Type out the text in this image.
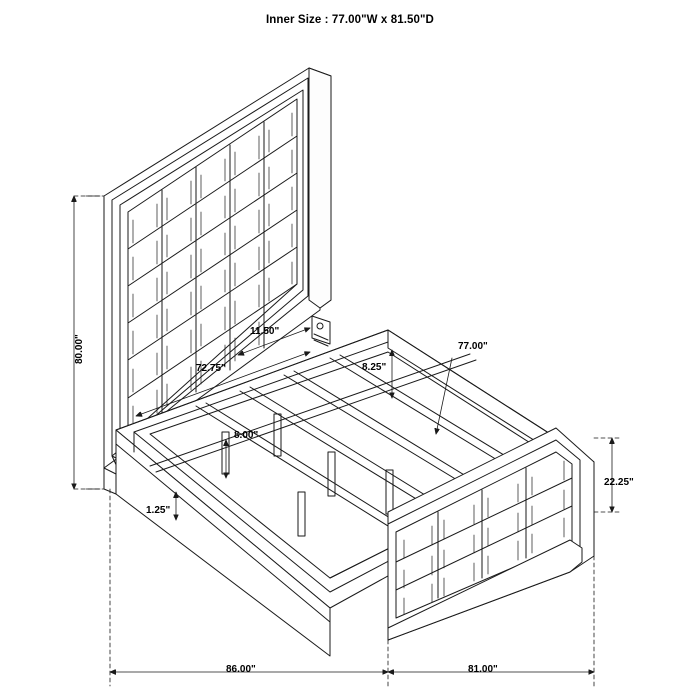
Inner Size : 77.00"W x 81.50"D
80.00"
11.50"
72.75"	8.25"
8.00"
77.00"
1.25"
22.25"
86.00"	81.00"
